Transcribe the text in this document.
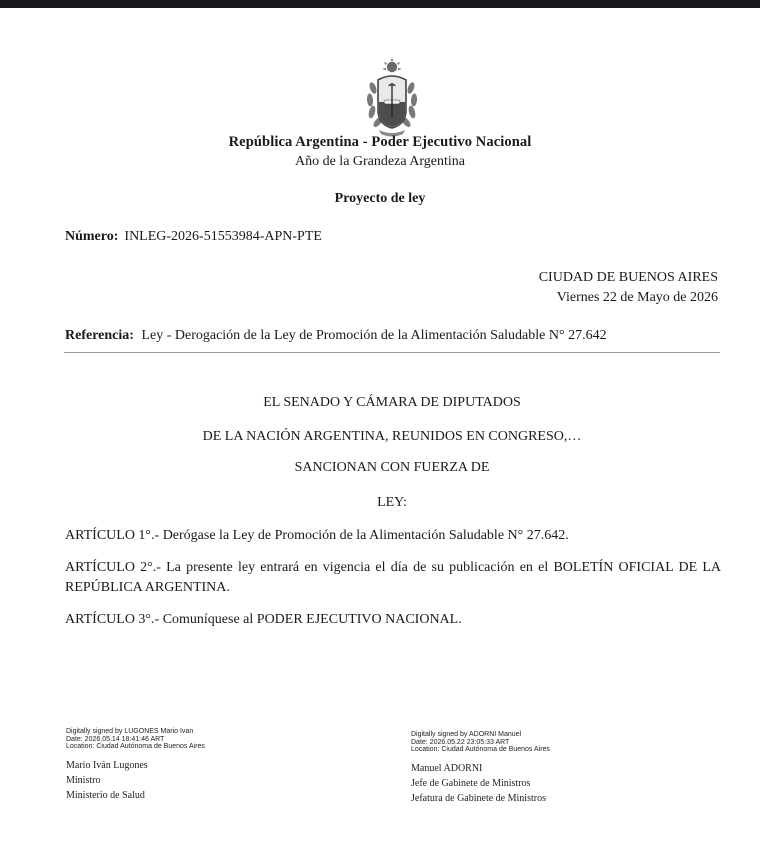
República Argentina - Poder Ejecutivo Nacional
Año de la Grandeza Argentina
Proyecto de ley
Número: INLEG-2026-51553984-APN-PTE
CIUDAD DE BUENOS AIRES
Viernes 22 de Mayo de 2026
Referencia: Ley - Derogación de la Ley de Promoción de la Alimentación Saludable N° 27.642
EL SENADO Y CÁMARA DE DIPUTADOS
DE LA NACIÓN ARGENTINA, REUNIDOS EN CONGRESO,…
SANCIONAN CON FUERZA DE
LEY:
ARTÍCULO 1°.- Derógase la Ley de Promoción de la Alimentación Saludable N° 27.642.
ARTÍCULO 2°.- La presente ley entrará en vigencia el día de su publicación en el BOLETÍN OFICIAL DE LA REPÚBLICA ARGENTINA.
ARTÍCULO 3°.- Comuníquese al PODER EJECUTIVO NACIONAL.
Digitally signed by LUGONES Mario Ivan
Date: 2026.05.14 18:41:46 ART
Location: Ciudad Autónoma de Buenos Aires
Mario Iván Lugones
Ministro
Ministerio de Salud
Digitally signed by ADORNI Manuel
Date: 2026.05.22 23:05:33 ART
Location: Ciudad Autónoma de Buenos Aires
Manuel ADORNI
Jefe de Gabinete de Ministros
Jefatura de Gabinete de Ministros
